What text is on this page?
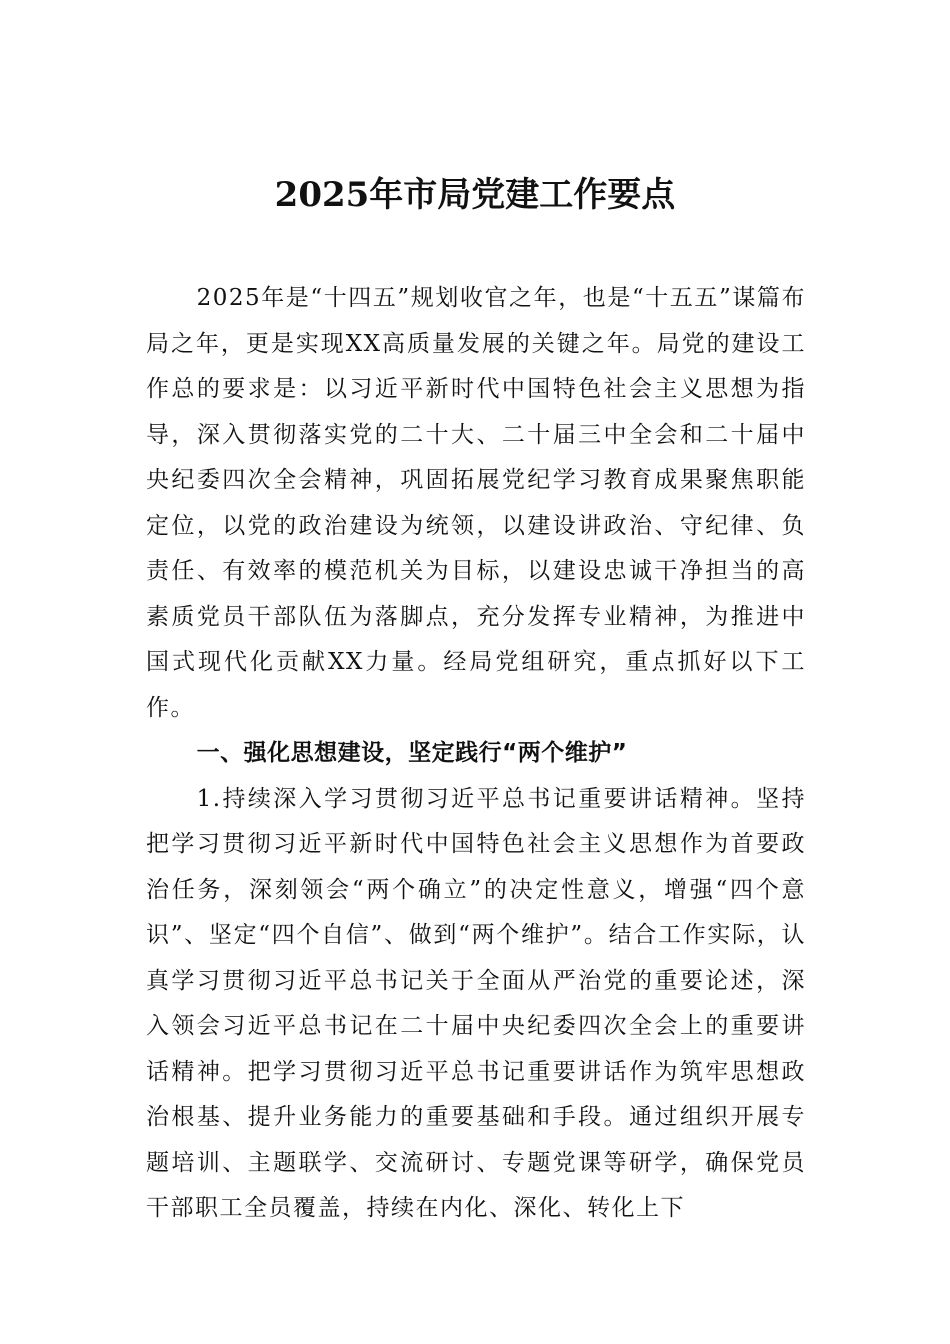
2025年市局党建工作要点

2025年是“十四五”规划收官之年，也是“十五五”谋篇布局之年，更是实现XX高质量发展的关键之年。局党的建设工作总的要求是：以习近平新时代中国特色社会主义思想为指导，深入贯彻落实党的二十大、二十届三中全会和二十届中央纪委四次全会精神，巩固拓展党纪学习教育成果聚焦职能定位，以党的政治建设为统领，以建设讲政治、守纪律、负责任、有效率的模范机关为目标，以建设忠诚干净担当的高素质党员干部队伍为落脚点，充分发挥专业精神，为推进中国式现代化贡献XX力量。经局党组研究，重点抓好以下工作。

一、强化思想建设，坚定践行“两个维护”

1.持续深入学习贯彻习近平总书记重要讲话精神。坚持把学习贯彻习近平新时代中国特色社会主义思想作为首要政治任务，深刻领会“两个确立”的决定性意义，增强“四个意识”、坚定“四个自信”、做到“两个维护”。结合工作实际，认真学习贯彻习近平总书记关于全面从严治党的重要论述，深入领会习近平总书记在二十届中央纪委四次全会上的重要讲话精神。把学习贯彻习近平总书记重要讲话作为筑牢思想政治根基、提升业务能力的重要基础和手段。通过组织开展专题培训、主题联学、交流研讨、专题党课等研学，确保党员干部职工全员覆盖，持续在内化、深化、转化上下
